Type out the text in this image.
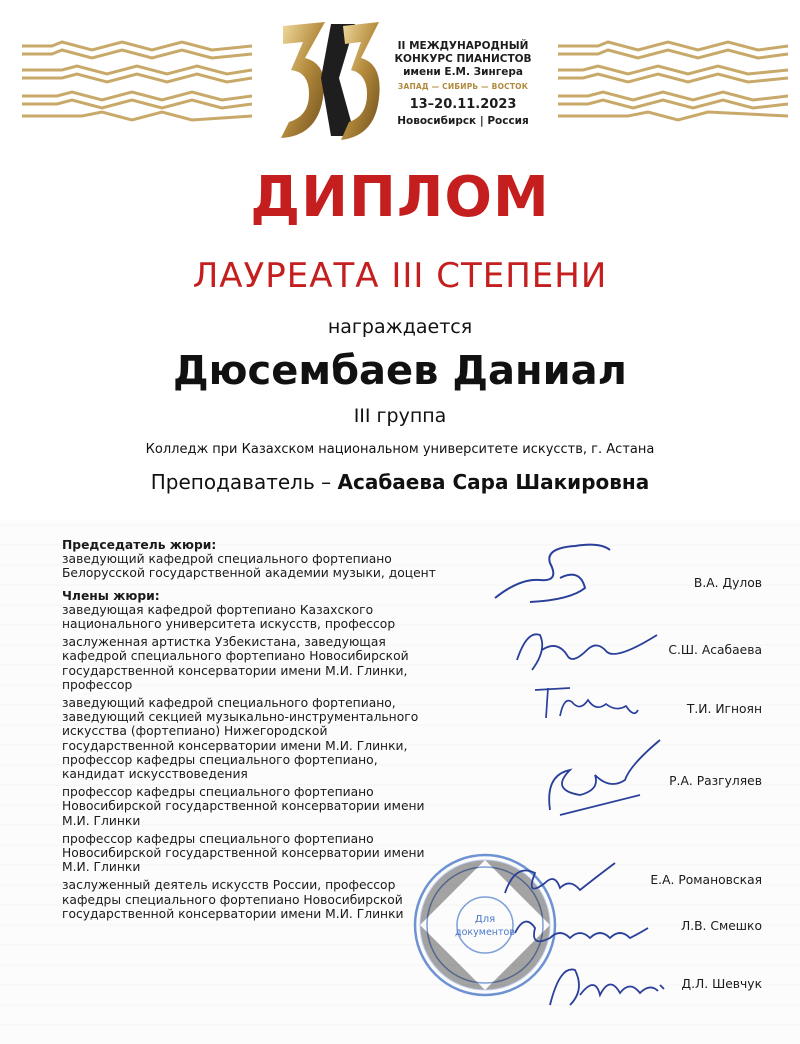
II МЕЖДУНАРОДНЫЙ
КОНКУРС ПИАНИСТОВ
имени Е.М. Зингера
ЗАПАД — СИБИРЬ — ВОСТОК
13–20.11.2023
Новосибирск | Россия
ДИПЛОМ
ЛАУРЕАТА III СТЕПЕНИ
награждается
Дюсембаев Даниал
III группа
Колледж при Казахском национальном университете искусств, г. Астана
Преподаватель – Асабаева Сара Шакировна

Председатель жюри:
заведующий кафедрой специального фортепиано Белорусской государственной академии музыки, доцент

Члены жюри:
заведующая кафедрой фортепиано Казахского национального университета искусств, профессор

заслуженная артистка Узбекистана, заведующая кафедрой специального фортепиано Новосибирской государственной консерватории имени М.И. Глинки, профессор

заведующий кафедрой специального фортепиано, заведующий секцией музыкально-инструментального искусства (фортепиано) Нижегородской государственной консерватории имени М.И. Глинки, профессор кафедры специального фортепиано, кандидат искусствоведения

профессор кафедры специального фортепиано Новосибирской государственной консерватории имени М.И. Глинки

профессор кафедры специального фортепиано Новосибирской государственной консерватории имени М.И. Глинки

заслуженный деятель искусств России, профессор кафедры специального фортепиано Новосибирской государственной консерватории имени М.И. Глинки	Для
документов
В.А. Дулов
С.Ш. Асабаева
Т.И. Игноян
Р.А. Разгуляев
Е.А. Романовская
Л.В. Смешко
Д.Л. Шевчук
